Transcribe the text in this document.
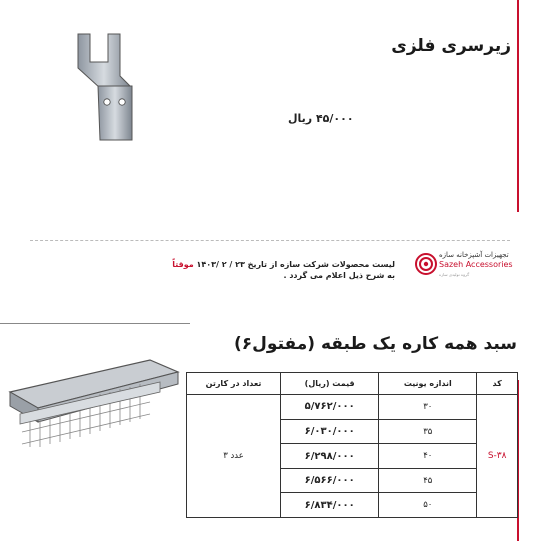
زیرسری فلزی
۴۵/۰۰۰ ریال
تجهیزات آشپزخانه سازه
Sazeh Accessories
گروه تولیدی سازه
لیست محصولات شرکت سازه از تاریخ ۲۳ / ۲ /۱۴۰۳ موقتاً
به شرح ذیل اعلام می گردد .
سبد همه کاره یک طبقه (مفتول۶)
تعداد در کارتن	قیمت (ریال)	اندازه یونیت	کد
۳ عدد	۵/۷۶۲/۰۰۰	۳۰	S-۳۸
	۶/۰۳۰/۰۰۰	۳۵	
	۶/۲۹۸/۰۰۰	۴۰	
	۶/۵۶۶/۰۰۰	۴۵	
	۶/۸۳۴/۰۰۰	۵۰	
